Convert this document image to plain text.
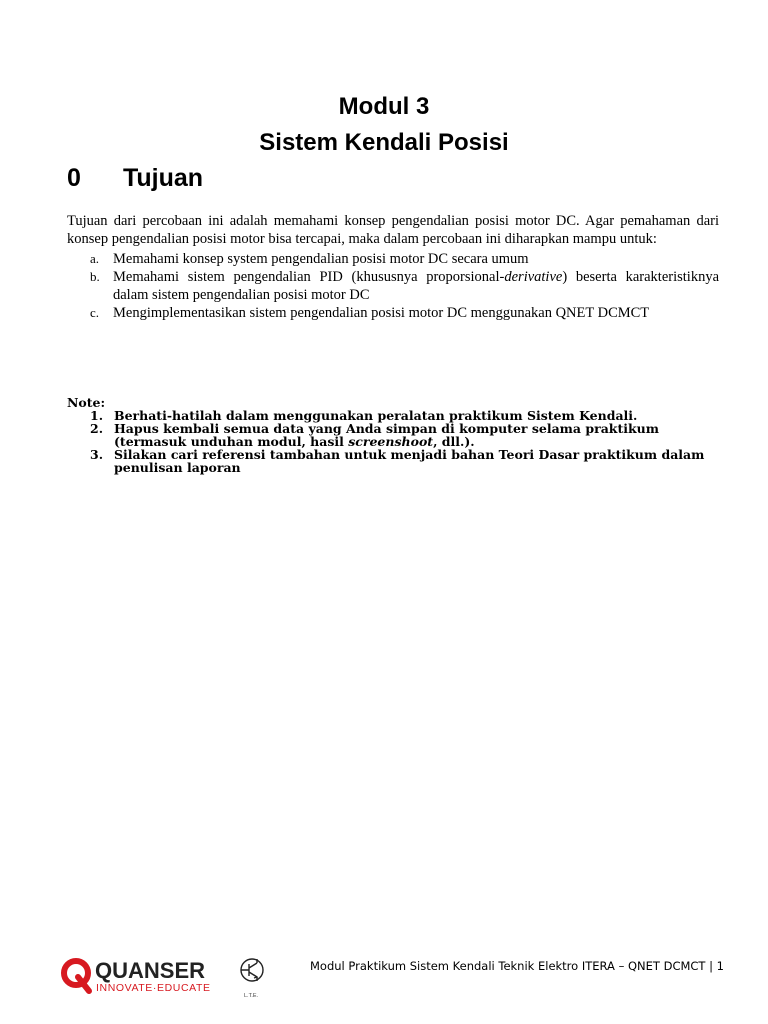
Modul 3
Sistem Kendali Posisi
0 Tujuan
Tujuan dari percobaan ini adalah memahami konsep pengendalian posisi motor DC. Agar pemahaman dari konsep pengendalian posisi motor bisa tercapai, maka dalam percobaan ini diharapkan mampu untuk:
a. Memahami konsep system pengendalian posisi motor DC secara umum
b. Memahami sistem pengendalian PID (khususnya proporsional-derivative) beserta karakteristiknya dalam sistem pengendalian posisi motor DC
c. Mengimplementasikan sistem pengendalian posisi motor DC menggunakan QNET DCMCT
Note:
1. Berhati-hatilah dalam menggunakan peralatan praktikum Sistem Kendali.
2. Hapus kembali semua data yang Anda simpan di komputer selama praktikum (termasuk unduhan modul, hasil screenshoot, dll.).
3. Silakan cari referensi tambahan untuk menjadi bahan Teori Dasar praktikum dalam penulisan laporan
QUANSER
INNOVATE·EDUCATE
L.T.E.
Modul Praktikum Sistem Kendali Teknik Elektro ITERA – QNET DCMCT | 1
